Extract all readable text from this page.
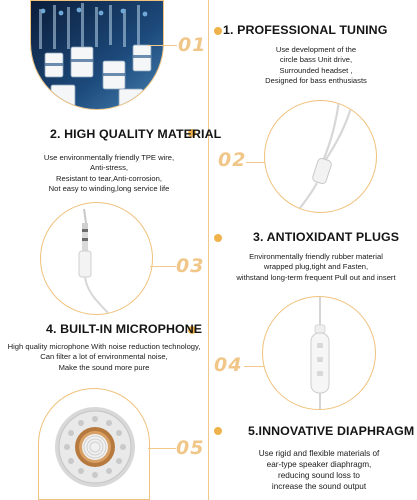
01
1. PROFESSIONAL TUNING
Use development of the
circle bass Unit drive,
Surrounded headset ,
Designed for bass enthusiasts
2. HIGH QUALITY MATERIAL
Use environmentally friendly TPE wire,
Anti-stress,
Resistant to tear,Anti-corrosion,
Not easy to winding,long service life
02
03
3. ANTIOXIDANT PLUGS
Environmentally friendly rubber material
wrapped plug,tight and Fasten,
withstand long-term frequent Pull out and insert
4. BUILT-IN MICROPHONE
High quality microphone With noise reduction technology,
Can filter a lot of environmental noise,
Make the sound more pure	04
05
5.INNOVATIVE DIAPHRAGM
Use rigid and flexible materials of
ear-type speaker diaphragm,
reducing sound loss to
increase the sound output
